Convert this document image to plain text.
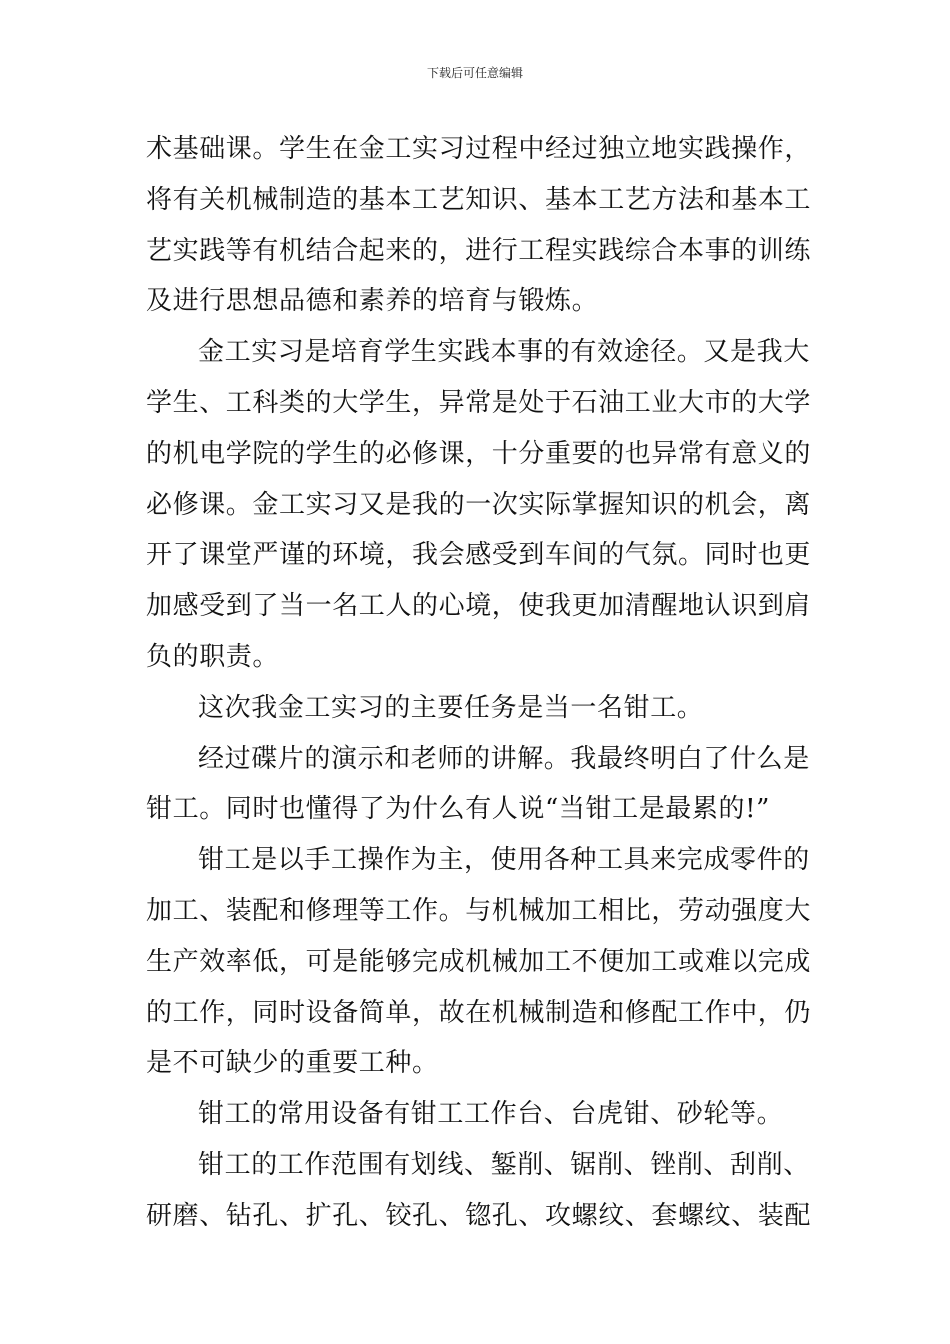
下载后可任意编辑
术基础课。学生在金工实习过程中经过独立地实践操作，
将有关机械制造的基本工艺知识、基本工艺方法和基本工
艺实践等有机结合起来的，进行工程实践综合本事的训练
及进行思想品德和素养的培育与锻炼。
金工实习是培育学生实践本事的有效途径。又是我大
学生、工科类的大学生，异常是处于石油工业大市的大学
的机电学院的学生的必修课，十分重要的也异常有意义的
必修课。金工实习又是我的一次实际掌握知识的机会，离
开了课堂严谨的环境，我会感受到车间的气氛。同时也更
加感受到了当一名工人的心境，使我更加清醒地认识到肩
负的职责。
这次我金工实习的主要任务是当一名钳工。
经过碟片的演示和老师的讲解。我最终明白了什么是
钳工。同时也懂得了为什么有人说“当钳工是最累的!”
钳工是以手工操作为主，使用各种工具来完成零件的
加工、装配和修理等工作。与机械加工相比，劳动强度大
生产效率低，可是能够完成机械加工不便加工或难以完成
的工作，同时设备简单，故在机械制造和修配工作中，仍
是不可缺少的重要工种。
钳工的常用设备有钳工工作台、台虎钳、砂轮等。
钳工的工作范围有划线、錾削、锯削、锉削、刮削、
研磨、钻孔、扩孔、铰孔、锪孔、攻螺纹、套螺纹、装配
